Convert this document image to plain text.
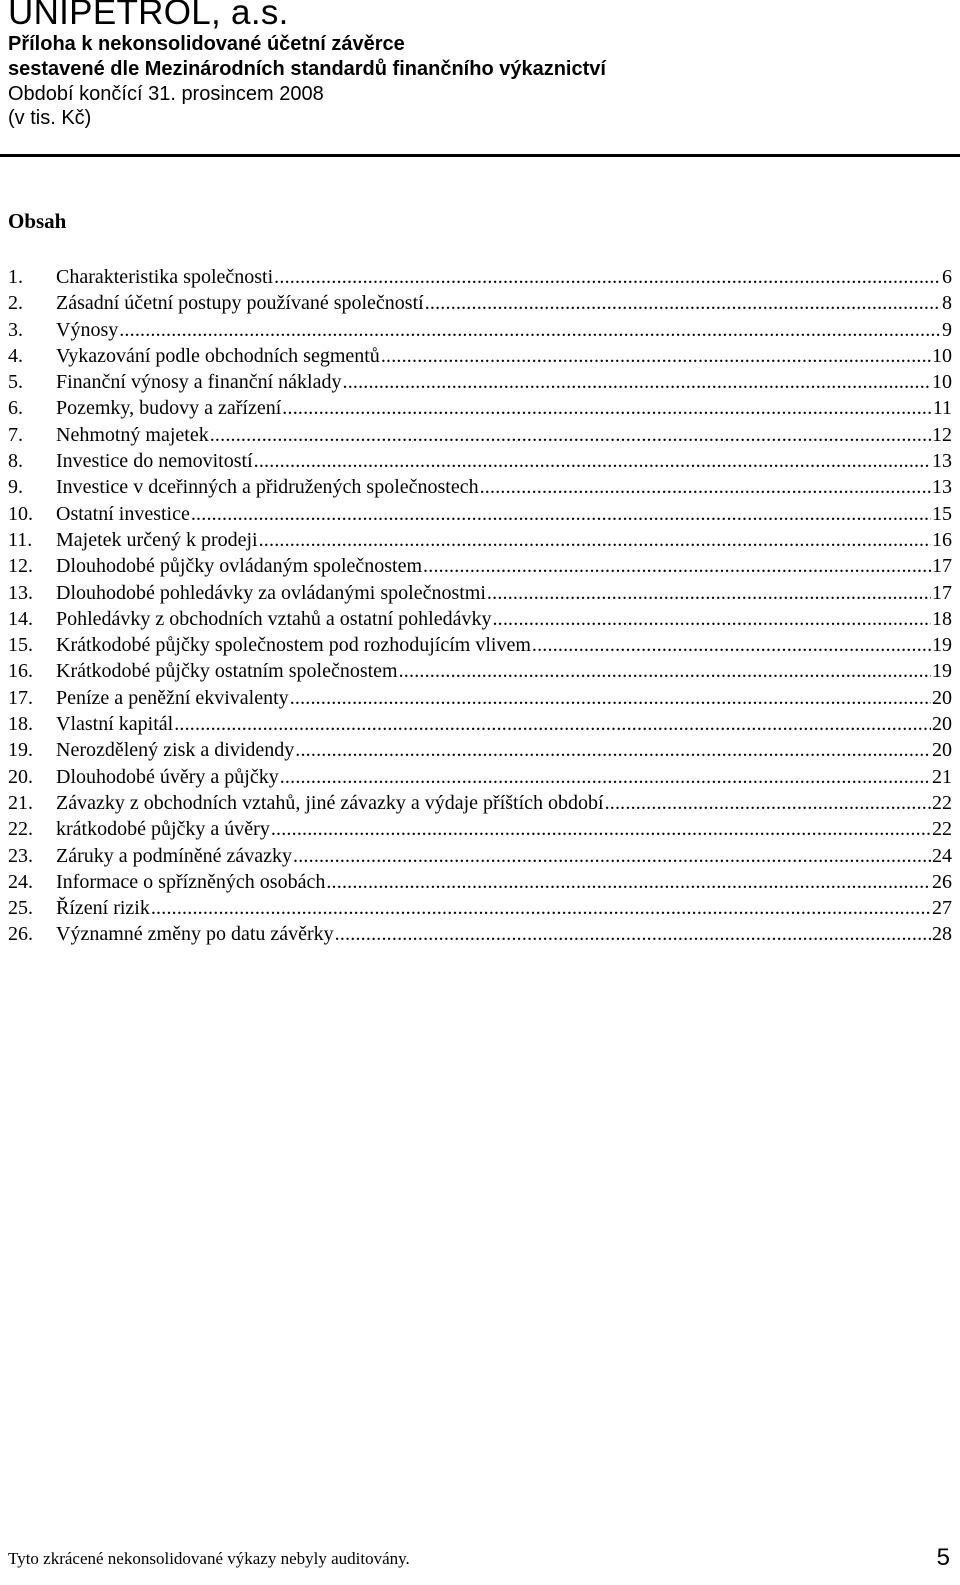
UNIPETROL, a.s.
Příloha k nekonsolidované účetní závěrce
sestavené dle Mezinárodních standardů finančního výkaznictví
Období končící 31. prosincem 2008
(v tis. Kč)
Obsah
1.	Charakteristika společnosti .....	6
2.	Zásadní účetní postupy používané společností .....	8
3.	Výnosy .....	9
4.	Vykazování podle obchodních segmentů .....	10
5.	Finanční výnosy a finanční náklady .....	10
6.	Pozemky, budovy a zařízení .....	11
7.	Nehmotný majetek .....	12
8.	Investice do nemovitostí .....	13
9.	Investice v dceřinných a přidružených společnostech .....	13
10.	Ostatní investice .....	15
11.	Majetek určený k prodeji .....	16
12.	Dlouhodobé půjčky ovládaným společnostem .....	17
13.	Dlouhodobé pohledávky za ovládanými společnostmi .....	17
14.	Pohledávky z obchodních vztahů a ostatní pohledávky .....	18
15.	Krátkodobé půjčky společnostem pod rozhodujícím vlivem .....	19
16.	Krátkodobé půjčky ostatním společnostem .....	19
17.	Peníze a peněžní ekvivalenty .....	20
18.	Vlastní kapitál .....	20
19.	Nerozdělený zisk a dividendy .....	20
20.	Dlouhodobé úvěry a půjčky .....	21
21.	Závazky z obchodních vztahů, jiné závazky a výdaje příštích období .....	22
22.	krátkodobé půjčky a úvěry .....	22
23.	Záruky a podmíněné závazky .....	24
24.	Informace o spřízněných osobách .....	26
25.	Řízení rizik .....	27
26.	Významné změny po datu závěrky .....	28
Tyto zkrácené nekonsolidované výkazy nebyly auditovány.	5
